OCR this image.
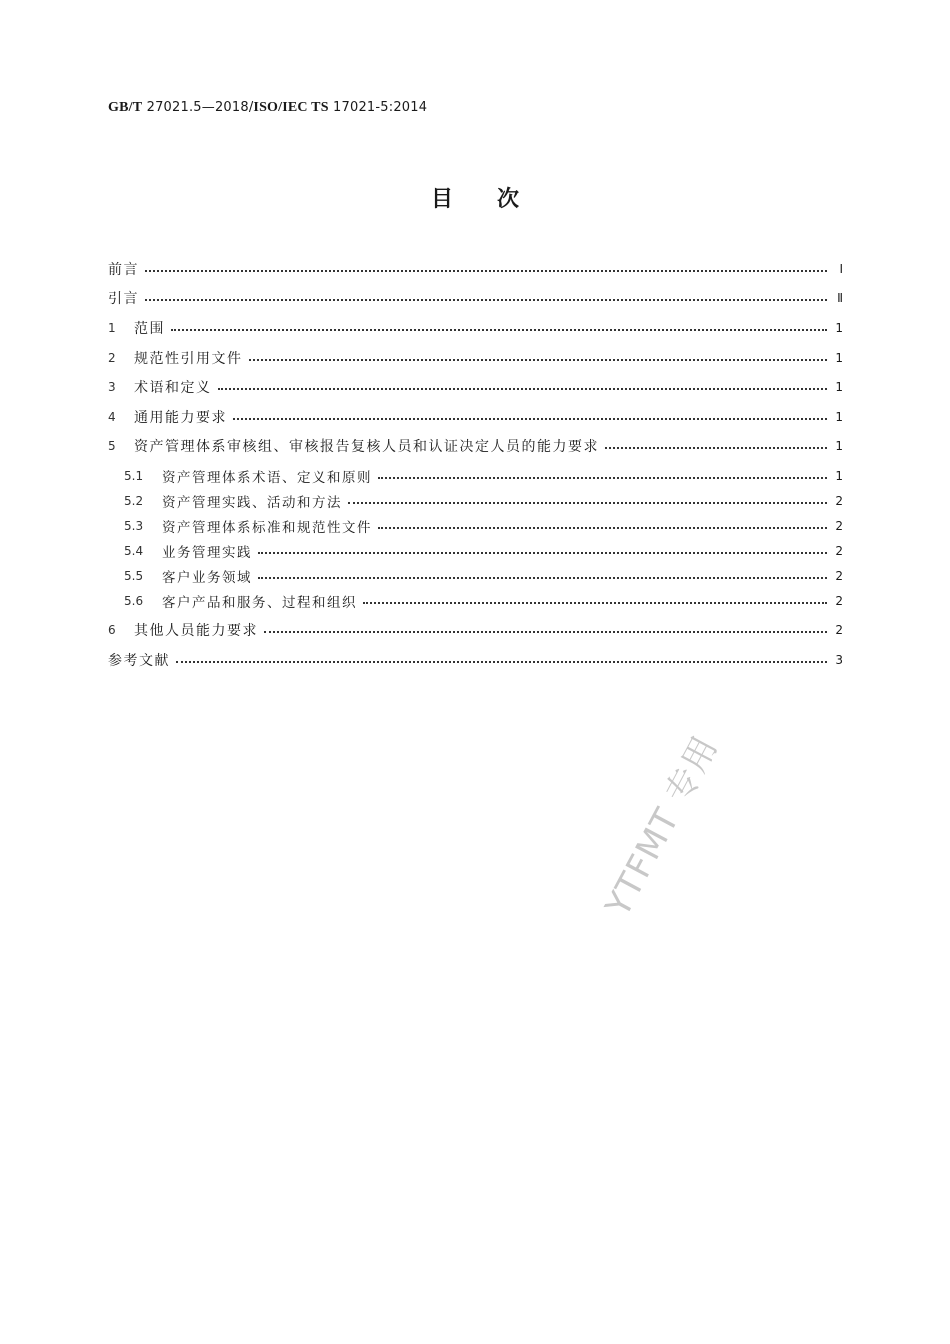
GB/T 27021.5—2018/ISO/IEC TS 17021-5:2014
目次
前言	Ⅰ
引言	Ⅱ
1	范围	1
2	规范性引用文件	1
3	术语和定义	1
4	通用能力要求	1
5	资产管理体系审核组、审核报告复核人员和认证决定人员的能力要求	1
5.1	资产管理体系术语、定义和原则	1
5.2	资产管理实践、活动和方法	2
5.3	资产管理体系标准和规范性文件	2
5.4	业务管理实践	2
5.5	客户业务领域	2
5.6	客户产品和服务、过程和组织	2
6	其他人员能力要求	2
参考文献	3
YTFMT 专用
